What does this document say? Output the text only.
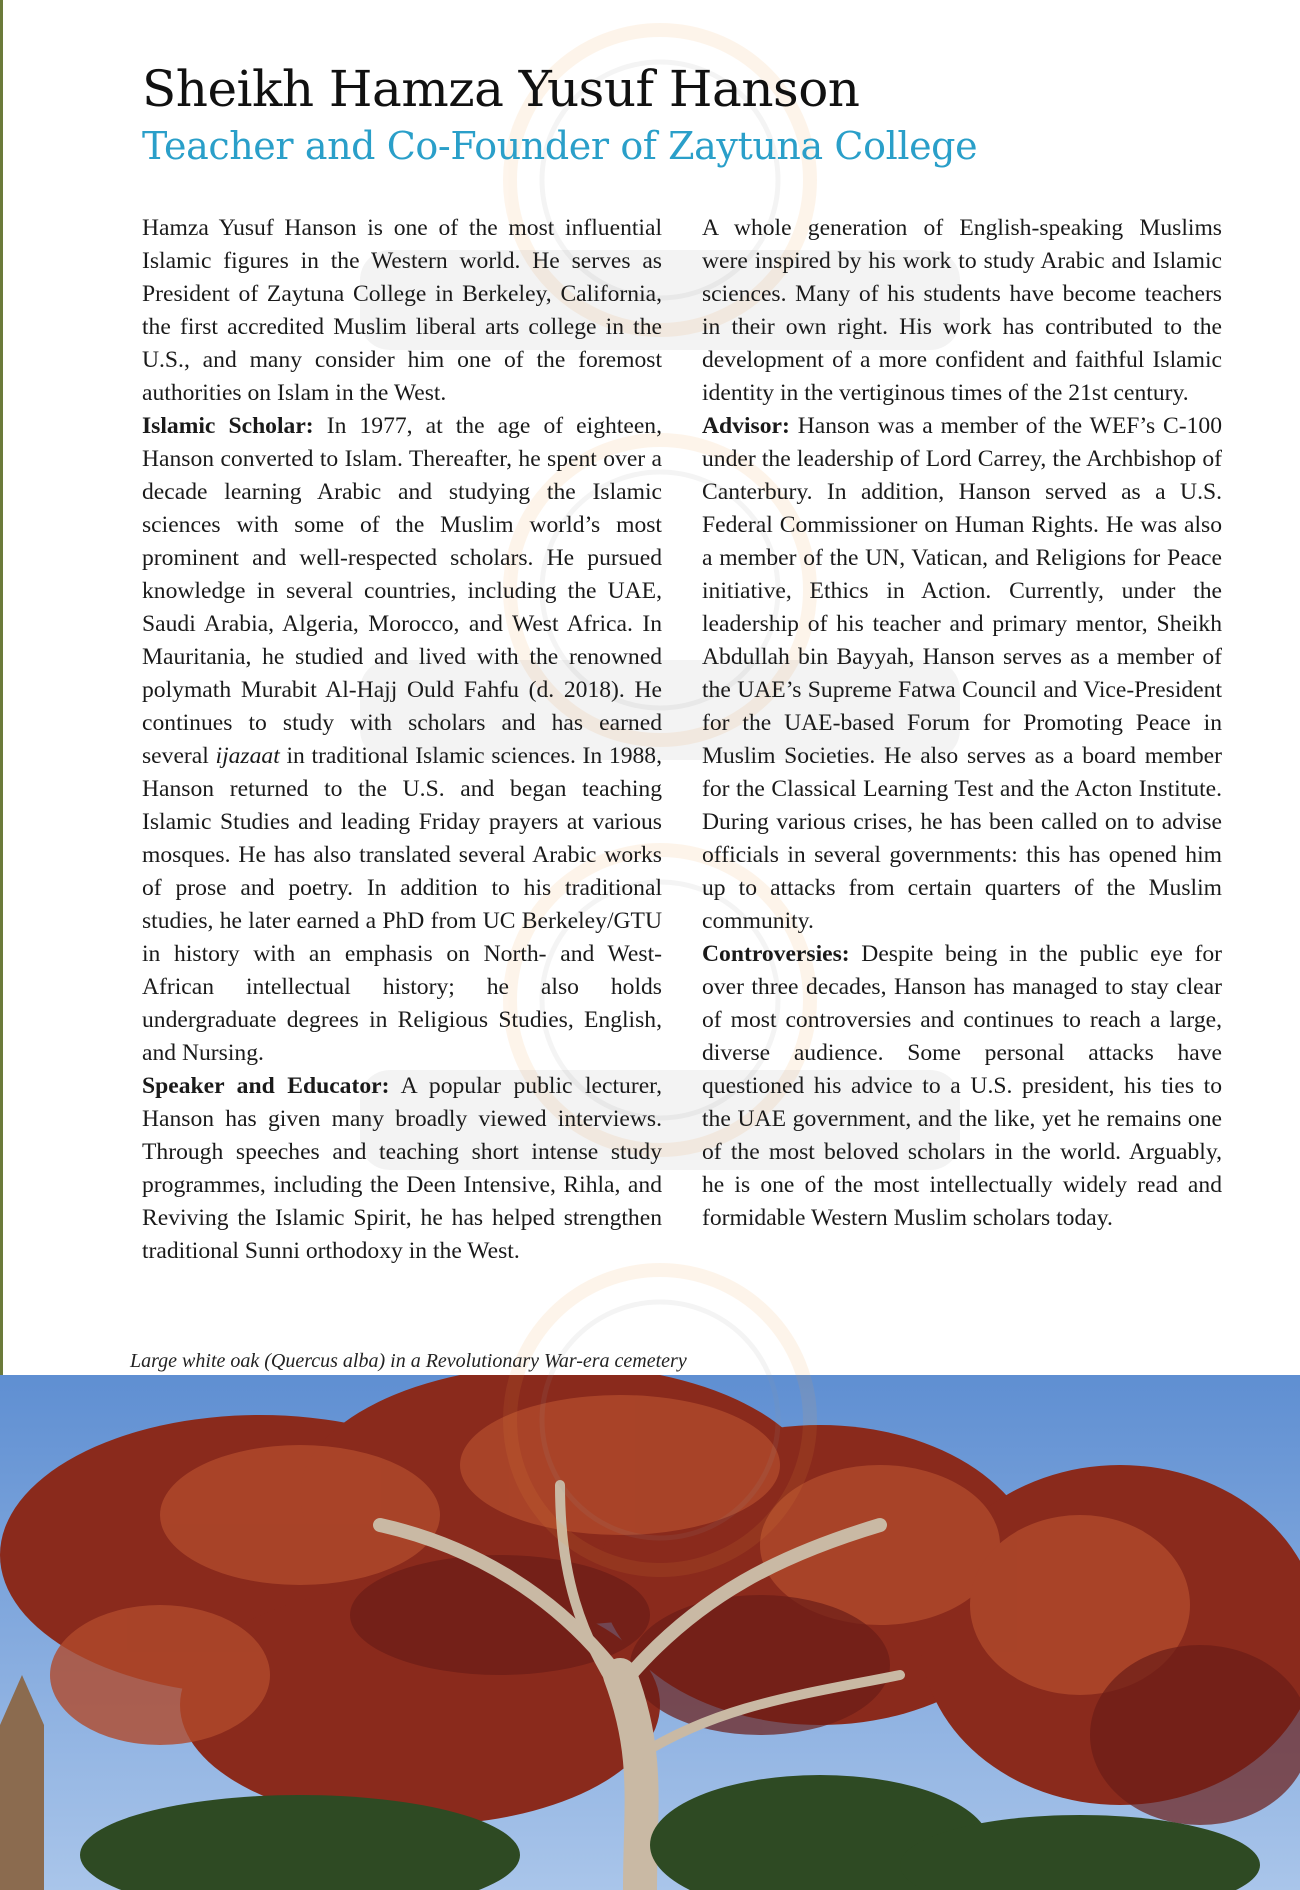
Sheikh Hamza Yusuf Hanson
Teacher and Co-Founder of Zaytuna College

Hamza Yusuf Hanson is one of the most influential Islamic figures in the Western world. He serves as President of Zaytuna College in Berkeley, California, the first accredited Muslim liberal arts college in the U.S., and many consider him one of the foremost authorities on Islam in the West.

Islamic Scholar: In 1977, at the age of eighteen, Hanson converted to Islam. Thereafter, he spent over a decade learning Arabic and studying the Islamic sciences with some of the Muslim world’s most prominent and well-respected scholars. He pursued knowledge in several countries, including the UAE, Saudi Arabia, Algeria, Morocco, and West Africa. In Mauritania, he studied and lived with the renowned polymath Murabit Al-Hajj Ould Fahfu (d. 2018). He continues to study with scholars and has earned several ijazaat in traditional Islamic sciences. In 1988, Hanson returned to the U.S. and began teaching Islamic Studies and leading Friday prayers at various mosques. He has also translated several Arabic works of prose and poetry. In addition to his traditional studies, he later earned a PhD from UC Berkeley/GTU in history with an emphasis on North- and West-African intellectual history; he also holds undergraduate degrees in Religious Studies, English, and Nursing.

Speaker and Educator: A popular public lecturer, Hanson has given many broadly viewed interviews. Through speeches and teaching short intense study programmes, including the Deen Intensive, Rihla, and Reviving the Islamic Spirit, he has helped strengthen traditional Sunni orthodoxy in the West.

A whole generation of English-speaking Muslims were inspired by his work to study Arabic and Islamic sciences. Many of his students have become teachers in their own right. His work has contributed to the development of a more confident and faithful Islamic identity in the vertiginous times of the 21st century.

Advisor: Hanson was a member of the WEF’s C-100 under the leadership of Lord Carrey, the Archbishop of Canterbury. In addition, Hanson served as a U.S. Federal Commissioner on Human Rights. He was also a member of the UN, Vatican, and Religions for Peace initiative, Ethics in Action. Currently, under the leadership of his teacher and primary mentor, Sheikh Abdullah bin Bayyah, Hanson serves as a member of the UAE’s Supreme Fatwa Council and Vice-President for the UAE-based Forum for Promoting Peace in Muslim Societies. He also serves as a board member for the Classical Learning Test and the Acton Institute. During various crises, he has been called on to advise officials in several governments: this has opened him up to attacks from certain quarters of the Muslim community.

Controversies: Despite being in the public eye for over three decades, Hanson has managed to stay clear of most controversies and continues to reach a large, diverse audience. Some personal attacks have questioned his advice to a U.S. president, his ties to the UAE government, and the like, yet he remains one of the most beloved scholars in the world. Arguably, he is one of the most intellectually widely read and formidable Western Muslim scholars today.

Large white oak (Quercus alba) in a Revolutionary War-era cemetery
